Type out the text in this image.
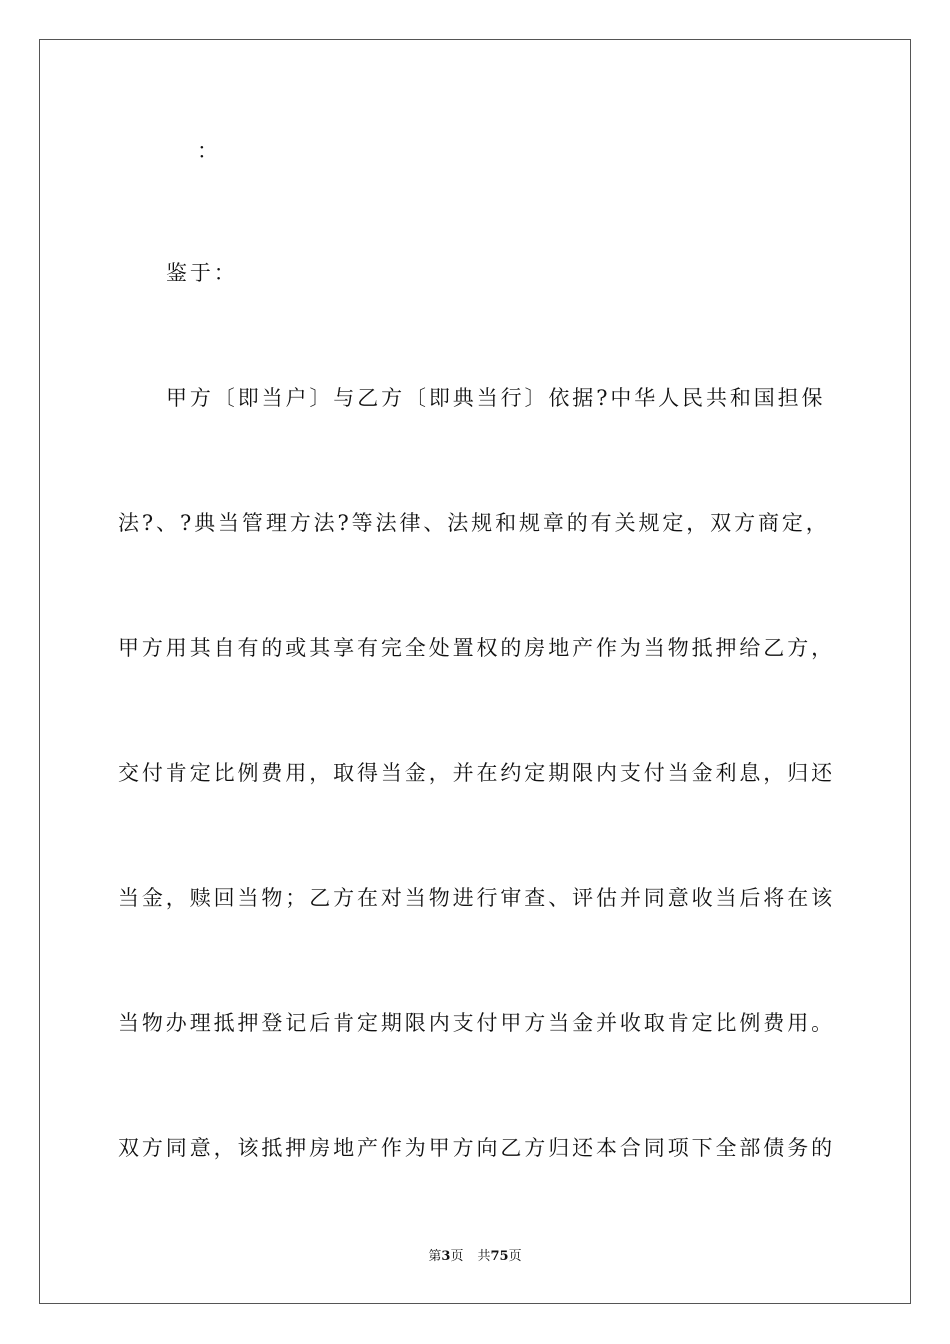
：
鉴于：
甲方〔即当户〕与乙方〔即典当行〕依据?中华人民共和国担保
法?、?典当管理方法?等法律、法规和规章的有关规定，双方商定，
甲方用其自有的或其享有完全处置权的房地产作为当物抵押给乙方，
交付肯定比例费用，取得当金，并在约定期限内支付当金利息，归还
当金，赎回当物；乙方在对当物进行审查、评估并同意收当后将在该
当物办理抵押登记后肯定期限内支付甲方当金并收取肯定比例费用。
双方同意，该抵押房地产作为甲方向乙方归还本合同项下全部债务的
第3页 共75页
